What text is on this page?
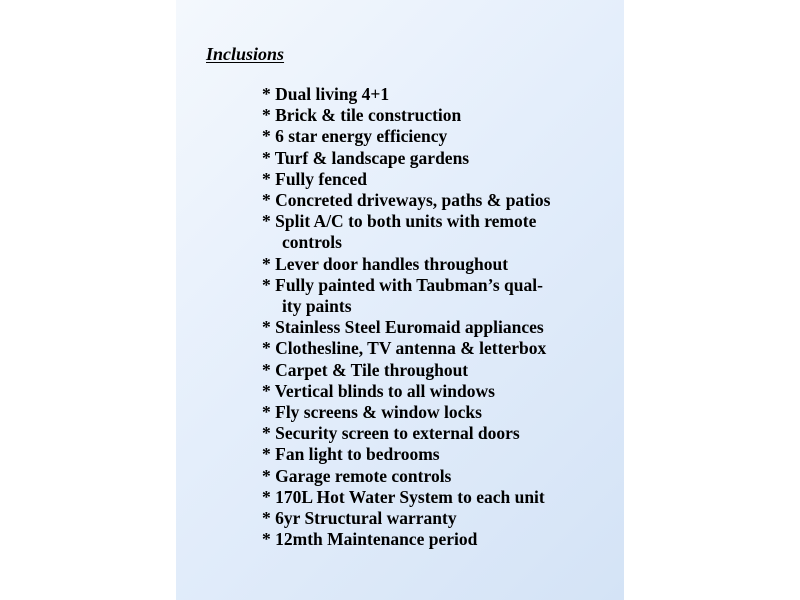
Inclusions
* Dual living 4+1
* Brick & tile construction
* 6 star energy efficiency
* Turf & landscape gardens
* Fully fenced
* Concreted driveways, paths & patios
* Split A/C to both units with remote
controls
* Lever door handles throughout
* Fully painted with Taubman’s qual-
ity paints
* Stainless Steel Euromaid appliances
* Clothesline, TV antenna & letterbox
* Carpet & Tile throughout
* Vertical blinds to all windows
* Fly screens & window locks
* Security screen to external doors
* Fan light to bedrooms
* Garage remote controls
* 170L Hot Water System to each unit
* 6yr Structural warranty
* 12mth Maintenance period
